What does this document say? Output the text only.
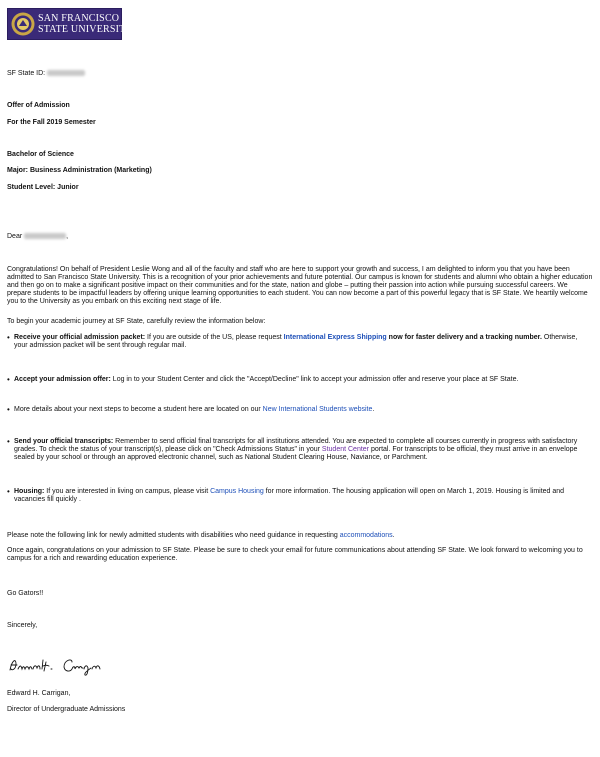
SAN FRANCISCO
STATE UNIVERSITY
SF State ID:
Offer of Admission
For the Fall 2019 Semester
Bachelor of Science
Major: Business Administration (Marketing)
Student Level: Junior
Dear	,
Congratulations! On behalf of President Leslie Wong and all of the faculty and staff who are here to support your growth and success, I am delighted to inform you that you have been admitted to San Francisco State University. This is a recognition of your prior achievements and future potential. Our campus is known for students and alumni who obtain a higher education and then go on to make a significant positive impact on their communities and for the state, nation and globe – putting their passion into action while pursuing successful careers. We prepare students to be impactful leaders by offering unique learning opportunities to each student. You can now become a part of this powerful legacy that is SF State. We heartily welcome you to the University as you embark on this exciting next stage of life.
To begin your academic journey at SF State, carefully review the information below:
• Receive your official admission packet: If you are outside of the US, please request International Express Shipping now for faster delivery and a tracking number. Otherwise, your admission packet will be sent through regular mail.
• Accept your admission offer: Log in to your Student Center and click the "Accept/Decline" link to accept your admission offer and reserve your place at SF State.
• More details about your next steps to become a student here are located on our New International Students website.
• Send your official transcripts: Remember to send official final transcripts for all institutions attended. You are expected to complete all courses currently in progress with satisfactory grades. To check the status of your transcript(s), please click on "Check Admissions Status" in your Student Center portal. For transcripts to be official, they must arrive in an envelope sealed by your school or through an approved electronic channel, such as National Student Clearing House, Naviance, or Parchment.
• Housing: If you are interested in living on campus, please visit Campus Housing for more information. The housing application will open on March 1, 2019. Housing is limited and vacancies fill quickly .
Please note the following link for newly admitted students with disabilities who need guidance in requesting accommodations.
Once again, congratulations on your admission to SF State. Please be sure to check your email for future communications about attending SF State. We look forward to welcoming you to campus for a rich and rewarding education experience.
Go Gators!!
Sincerely,
Edward H. Carrigan,
Director of Undergraduate Admissions
